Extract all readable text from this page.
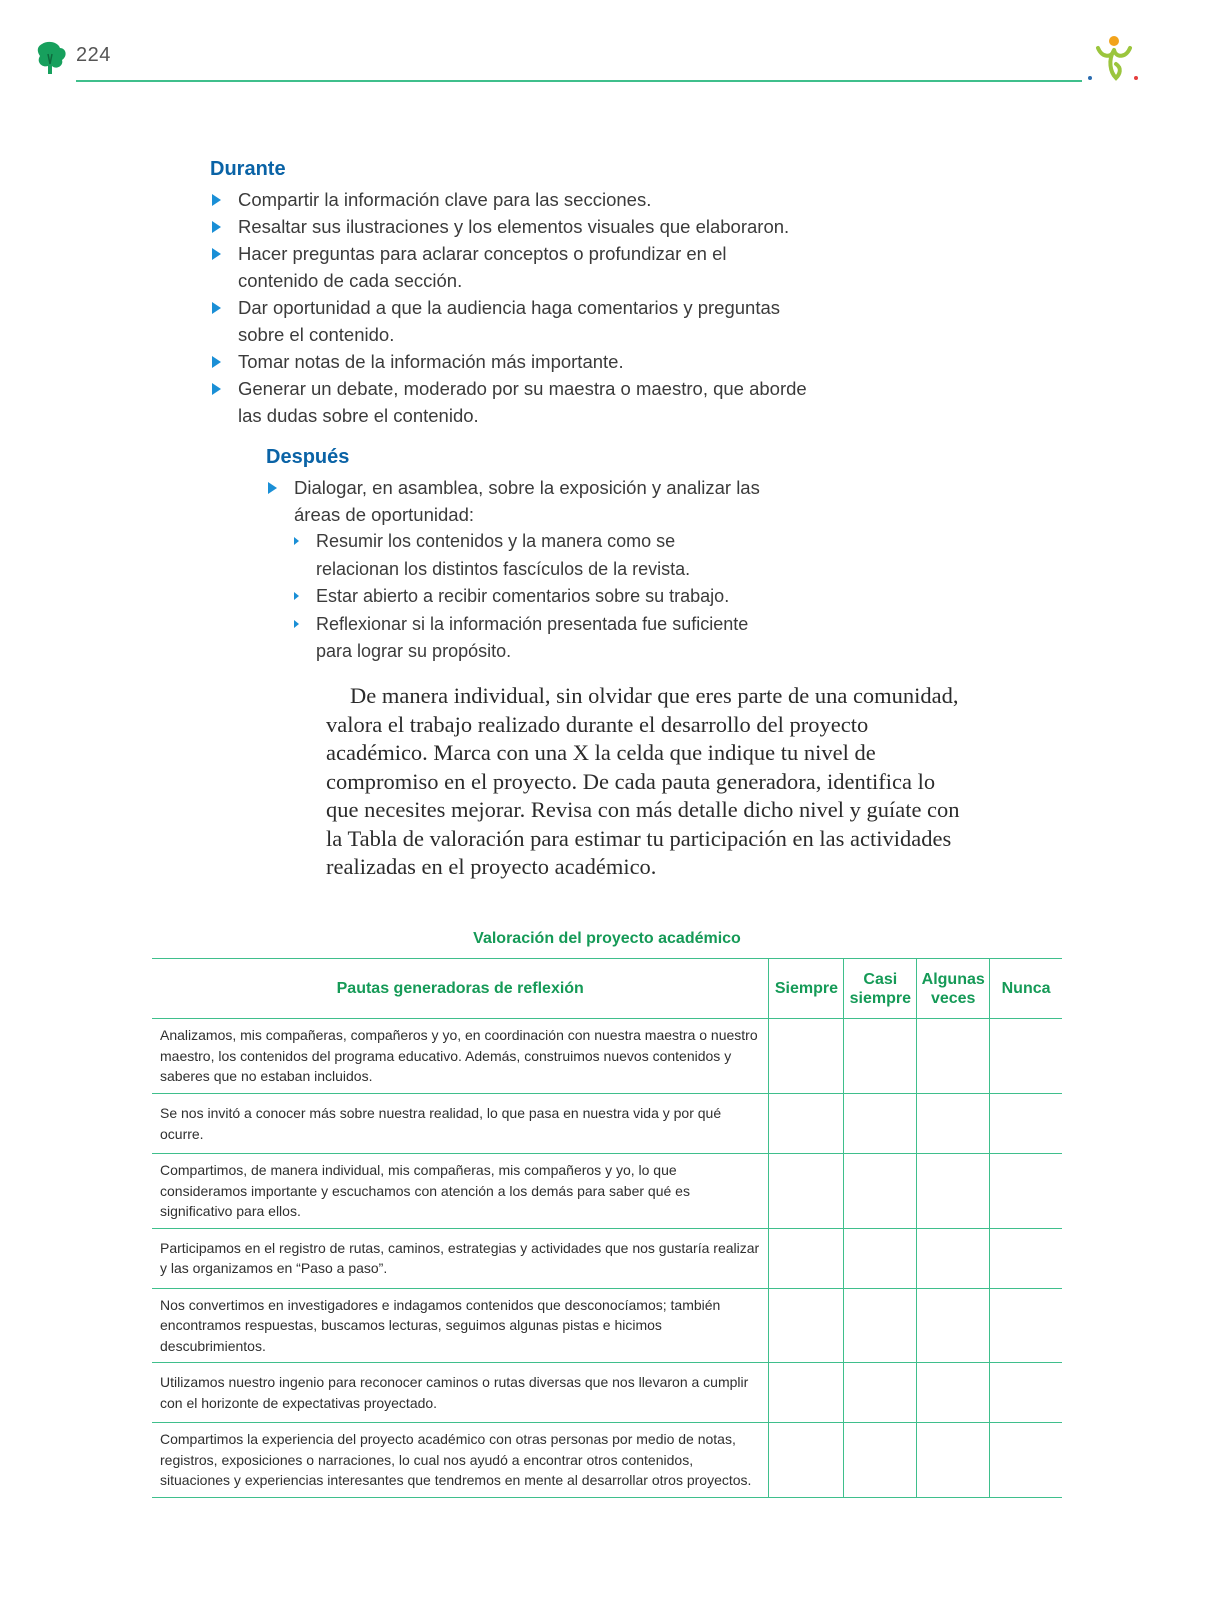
224
Durante
Compartir la información clave para las secciones.
Resaltar sus ilustraciones y los elementos visuales que elaboraron.
Hacer preguntas para aclarar conceptos o profundizar en el contenido de cada sección.
Dar oportunidad a que la audiencia haga comentarios y preguntas sobre el contenido.
Tomar notas de la información más importante.
Generar un debate, moderado por su maestra o maestro, que aborde las dudas sobre el contenido.
Después
Dialogar, en asamblea, sobre la exposición y analizar las áreas de oportunidad:
Resumir los contenidos y la manera como se relacionan los distintos fascículos de la revista.
Estar abierto a recibir comentarios sobre su trabajo.
Reflexionar si la información presentada fue suficiente para lograr su propósito.
De manera individual, sin olvidar que eres parte de una comunidad, valora el trabajo realizado durante el desarrollo del proyecto académico. Marca con una X la celda que indique tu nivel de compromiso en el proyecto. De cada pauta generadora, identifica lo que necesites mejorar. Revisa con más detalle dicho nivel y guíate con la Tabla de valoración para estimar tu participación en las actividades realizadas en el proyecto académico.
Valoración del proyecto académico
Pautas generadoras de reflexión	Siempre	Casi siempre	Algunas veces	Nunca
Analizamos, mis compañeras, compañeros y yo, en coordinación con nuestra maestra o nuestro maestro, los contenidos del programa educativo. Además, construimos nuevos contenidos y saberes que no estaban incluidos.				
Se nos invitó a conocer más sobre nuestra realidad, lo que pasa en nuestra vida y por qué ocurre.				
Compartimos, de manera individual, mis compañeras, mis compañeros y yo, lo que consideramos importante y escuchamos con atención a los demás para saber qué es significativo para ellos.				
Participamos en el registro de rutas, caminos, estrategias y actividades que nos gustaría realizar y las organizamos en “Paso a paso”.				
Nos convertimos en investigadores e indagamos contenidos que desconocíamos; también encontramos respuestas, buscamos lecturas, seguimos algunas pistas e hicimos descubrimientos.				
Utilizamos nuestro ingenio para reconocer caminos o rutas diversas que nos llevaron a cumplir con el horizonte de expectativas proyectado.				
Compartimos la experiencia del proyecto académico con otras personas por medio de notas, registros, exposiciones o narraciones, lo cual nos ayudó a encontrar otros contenidos, situaciones y experiencias interesantes que tendremos en mente al desarrollar otros proyectos.				
